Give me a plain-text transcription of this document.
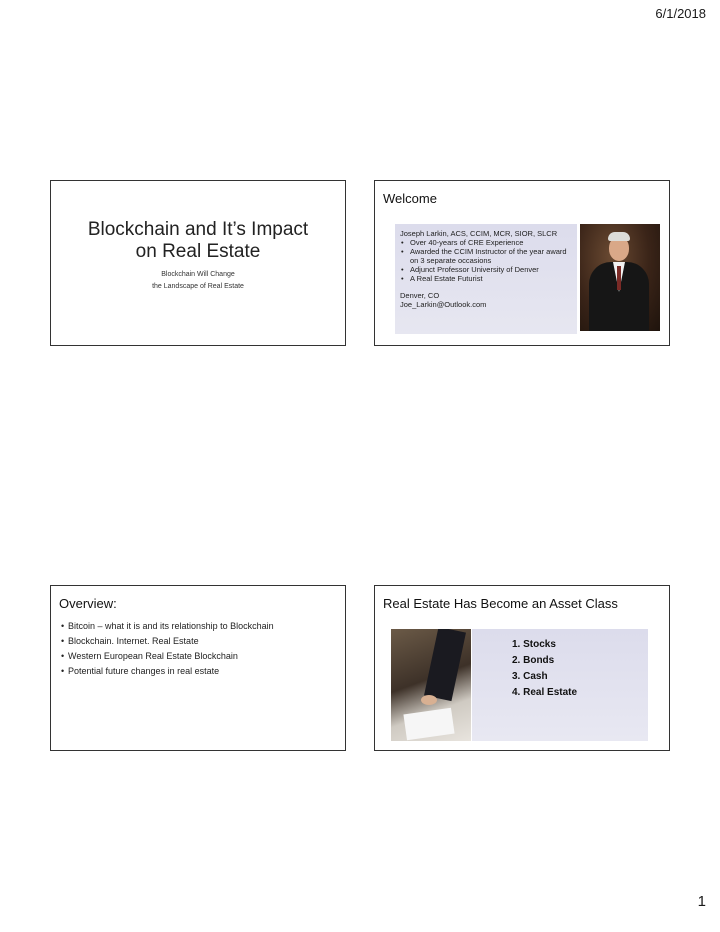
6/1/2018
Blockchain and It’s Impact
on Real Estate
Blockchain Will Change
the Landscape of Real Estate
Welcome
Joseph Larkin, ACS, CCIM, MCR, SIOR, SLCR
• Over 40-years of CRE Experience
• Awarded the CCIM Instructor of the year award on 3 separate occasions
• Adjunct Professor University of Denver
• A Real Estate Futurist
Denver, CO
Joe_Larkin@Outlook.com
Overview:
• Bitcoin – what it is and its relationship to Blockchain
• Blockchain. Internet. Real Estate
• Western European Real Estate Blockchain
• Potential future changes in real estate
Real Estate Has Become an Asset Class
1. Stocks
2. Bonds
3. Cash
4. Real Estate
1
